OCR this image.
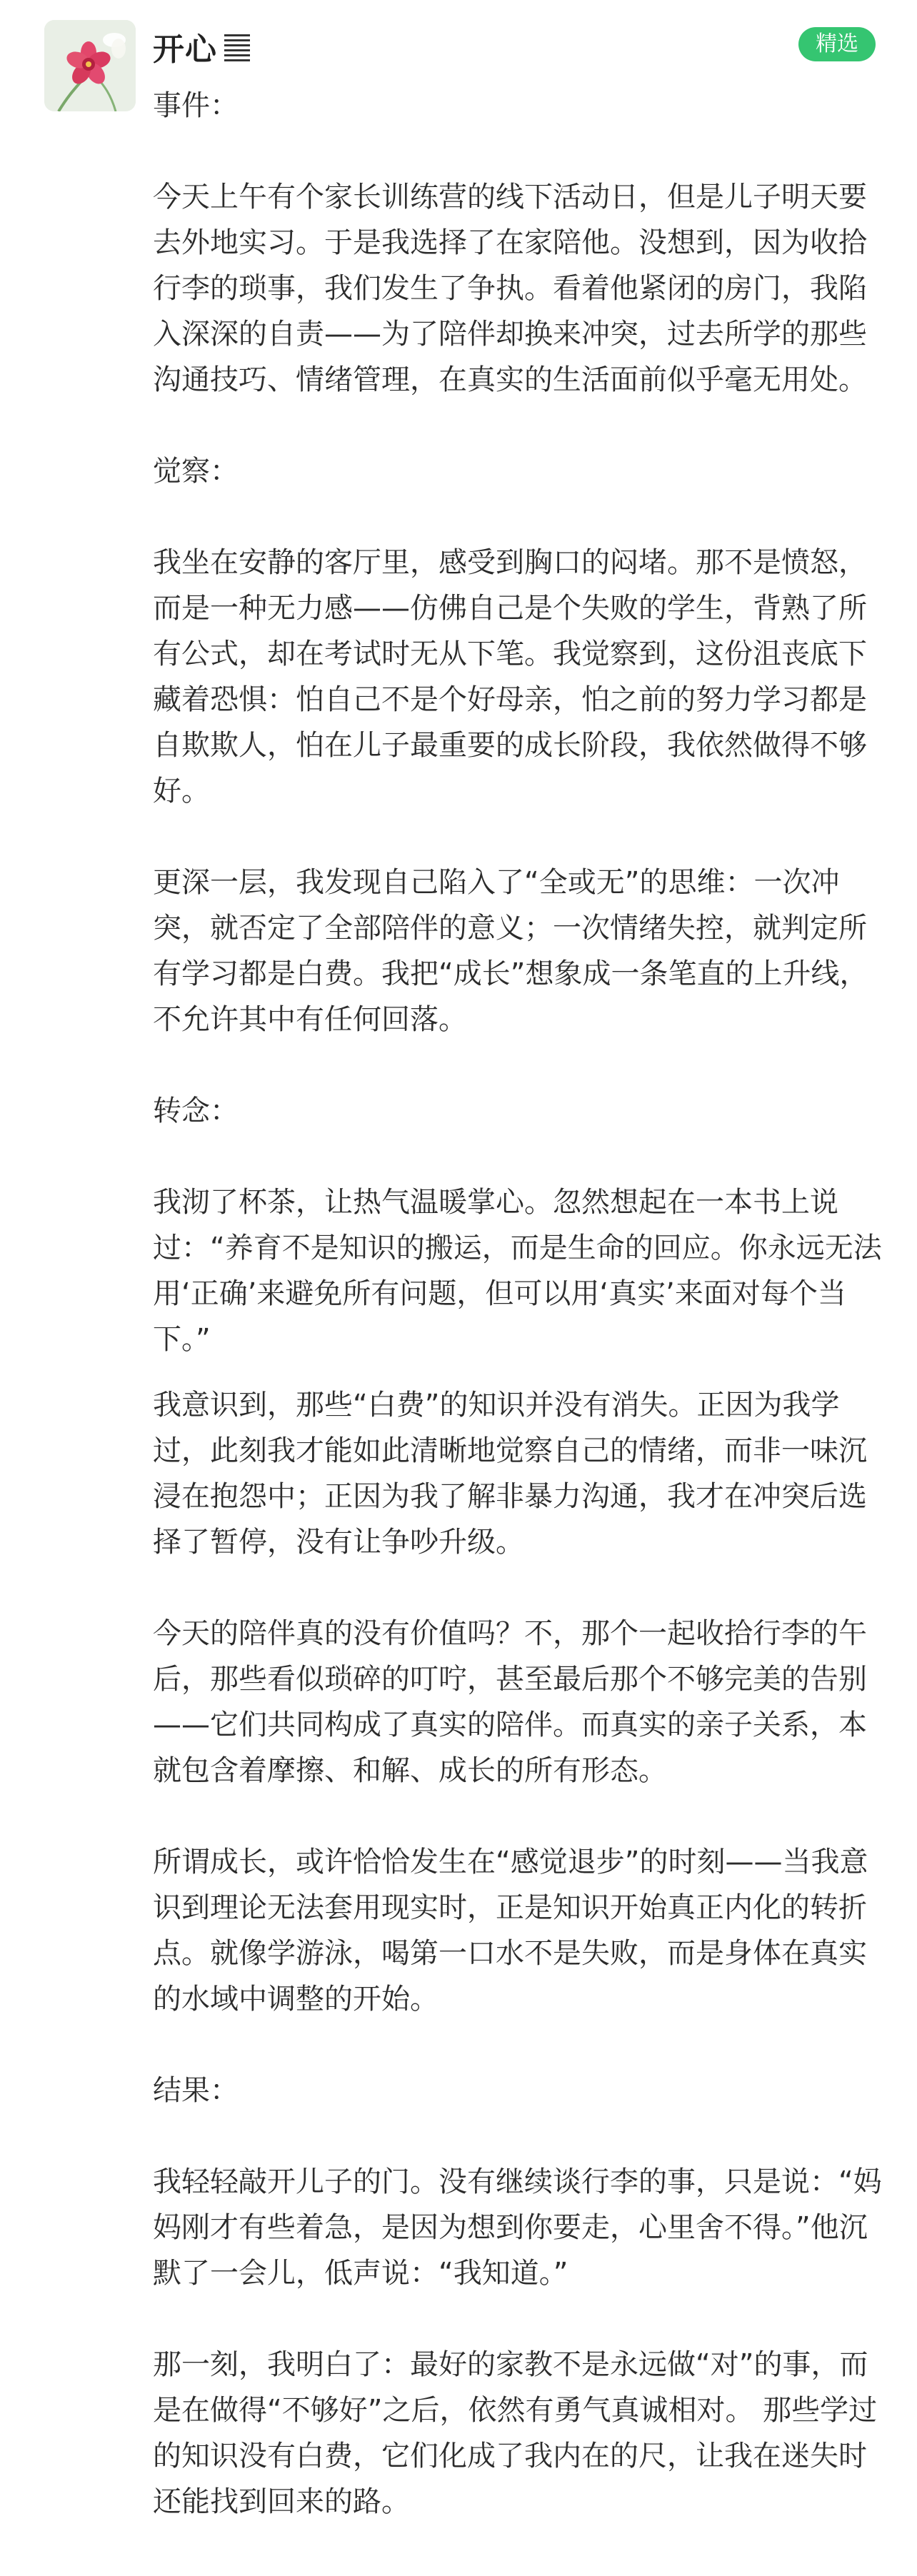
开心	精选
事件：
今天上午有个家长训练营的线下活动日，但是儿子明天要去外地实习。于是我选择了在家陪他。没想到，因为收拾行李的琐事，我们发生了争执。看着他紧闭的房门，我陷入深深的自责——为了陪伴却换来冲突，过去所学的那些沟通技巧、情绪管理，在真实的生活面前似乎毫无用处。
觉察：
我坐在安静的客厅里，感受到胸口的闷堵。那不是愤怒，而是一种无力感——仿佛自己是个失败的学生，背熟了所有公式，却在考试时无从下笔。我觉察到，这份沮丧底下藏着恐惧：怕自己不是个好母亲，怕之前的努力学习都是自欺欺人，怕在儿子最重要的成长阶段，我依然做得不够好。
更深一层，我发现自己陷入了“全或无”的思维：一次冲突，就否定了全部陪伴的意义；一次情绪失控，就判定所有学习都是白费。我把“成长”想象成一条笔直的上升线，不允许其中有任何回落。
转念：
我沏了杯茶，让热气温暖掌心。忽然想起在一本书上说过：“养育不是知识的搬运，而是生命的回应。你永远无法用‘正确’来避免所有问题，但可以用‘真实’来面对每个当下。”
我意识到，那些“白费”的知识并没有消失。正因为我学过，此刻我才能如此清晰地觉察自己的情绪，而非一味沉浸在抱怨中；正因为我了解非暴力沟通，我才在冲突后选择了暂停，没有让争吵升级。
今天的陪伴真的没有价值吗？不，那个一起收拾行李的午后，那些看似琐碎的叮咛，甚至最后那个不够完美的告别——它们共同构成了真实的陪伴。而真实的亲子关系，本就包含着摩擦、和解、成长的所有形态。
所谓成长，或许恰恰发生在“感觉退步”的时刻——当我意识到理论无法套用现实时，正是知识开始真正内化的转折点。就像学游泳，喝第一口水不是失败，而是身体在真实的水域中调整的开始。
结果：
我轻轻敲开儿子的门。没有继续谈行李的事，只是说：“妈妈刚才有些着急，是因为想到你要走，心里舍不得。”他沉默了一会儿，低声说：“我知道。”
那一刻，我明白了：最好的家教不是永远做“对”的事，而是在做得“不够好”之后，依然有勇气真诚相对。 那些学过的知识没有白费，它们化成了我内在的尺，让我在迷失时还能找到回来的路。
